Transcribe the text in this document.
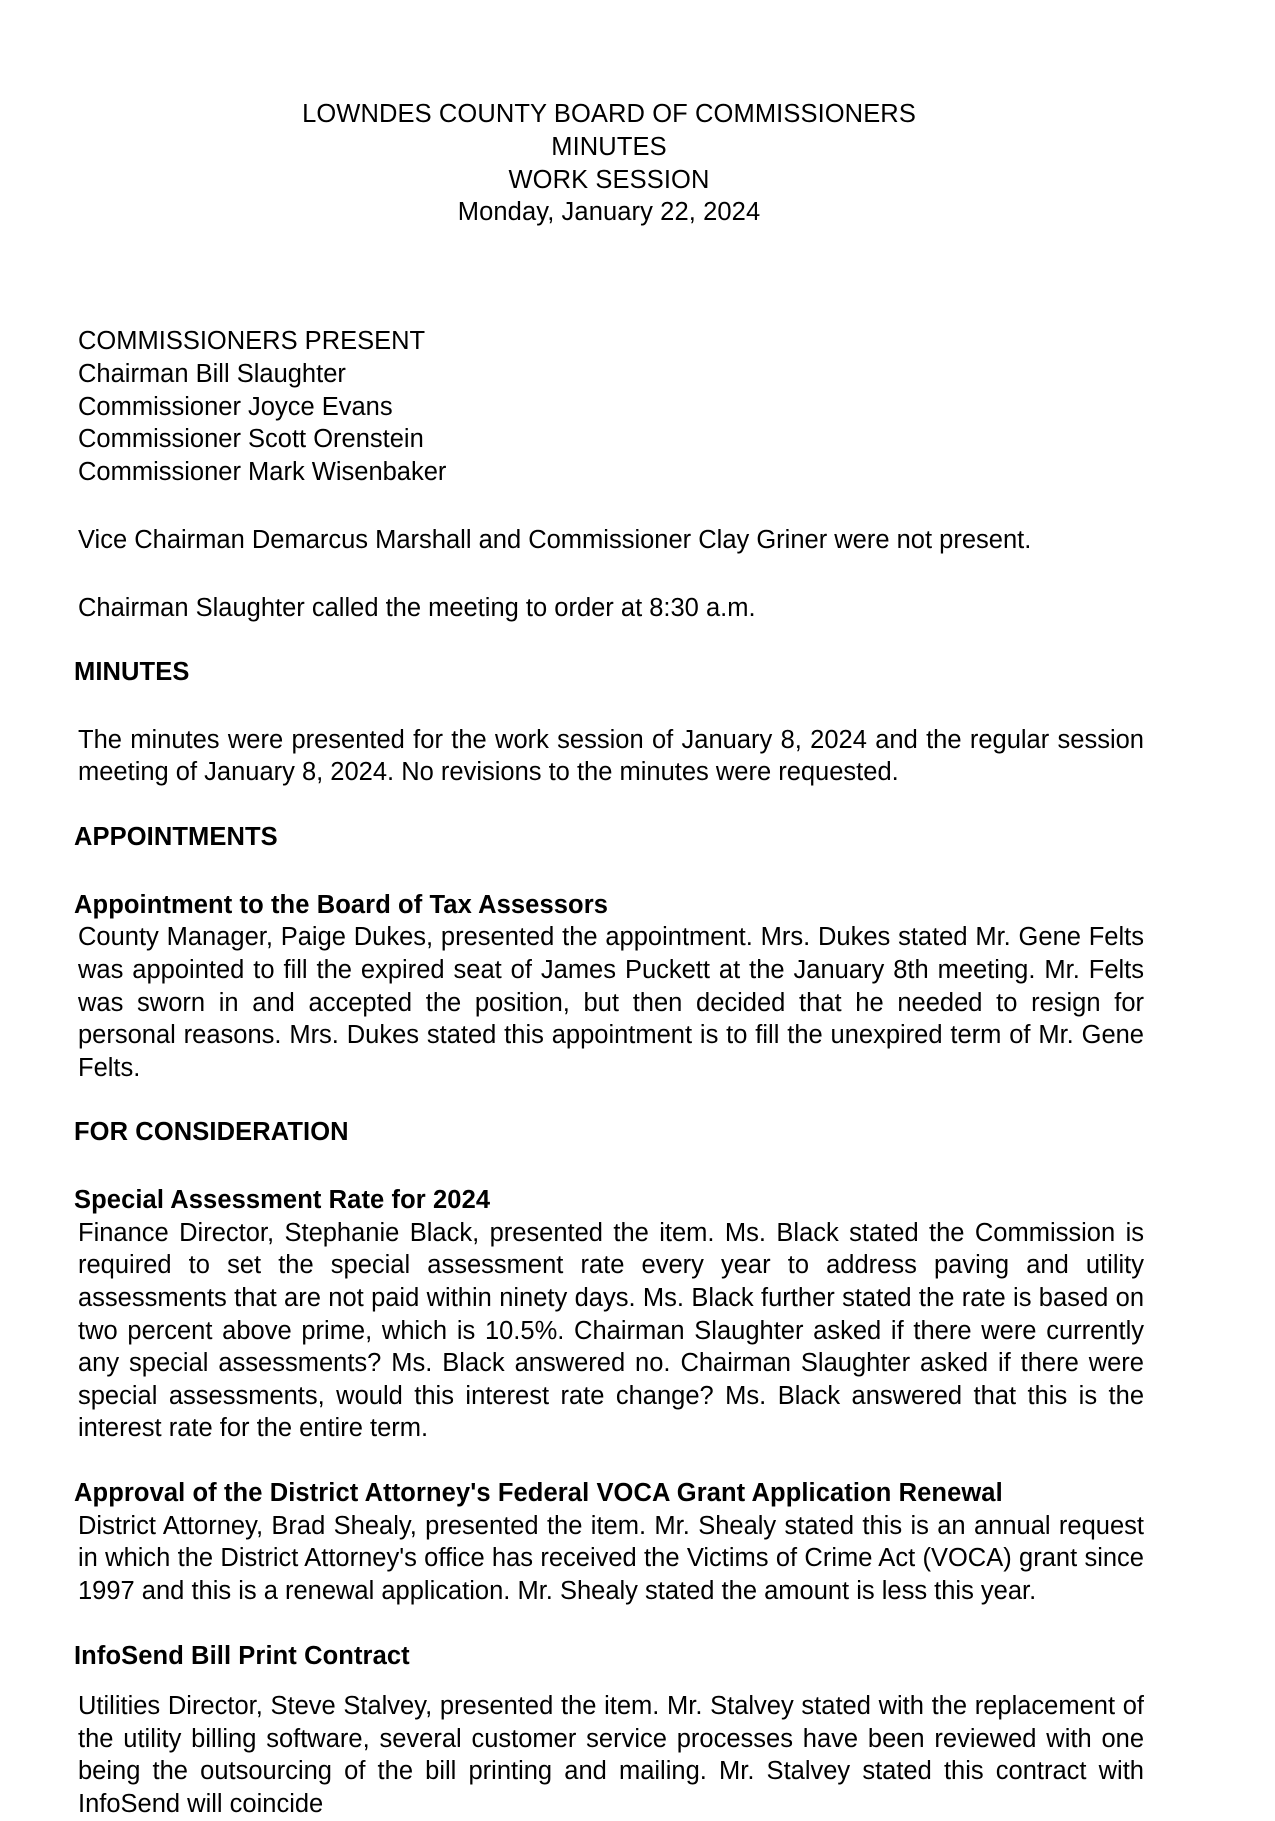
LOWNDES COUNTY BOARD OF COMMISSIONERS
MINUTES
WORK SESSION
Monday, January 22, 2024
COMMISSIONERS PRESENT
Chairman Bill Slaughter
Commissioner Joyce Evans
Commissioner Scott Orenstein
Commissioner Mark Wisenbaker

Vice Chairman Demarcus Marshall and Commissioner Clay Griner were not present.

Chairman Slaughter called the meeting to order at 8:30 a.m.

MINUTES

The minutes were presented for the work session of January 8, 2024 and the regular session meeting of January 8, 2024. No revisions to the minutes were requested.

APPOINTMENTS

Appointment to the Board of Tax Assessors

County Manager, Paige Dukes, presented the appointment. Mrs. Dukes stated Mr. Gene Felts was appointed to fill the expired seat of James Puckett at the January 8th meeting. Mr. Felts was sworn in and accepted the position, but then decided that he needed to resign for personal reasons. Mrs. Dukes stated this appointment is to fill the unexpired term of Mr. Gene Felts.

FOR CONSIDERATION

Special Assessment Rate for 2024

Finance Director, Stephanie Black, presented the item. Ms. Black stated the Commission is required to set the special assessment rate every year to address paving and utility assessments that are not paid within ninety days. Ms. Black further stated the rate is based on two percent above prime, which is 10.5%. Chairman Slaughter asked if there were currently any special assessments? Ms. Black answered no. Chairman Slaughter asked if there were special assessments, would this interest rate change? Ms. Black answered that this is the interest rate for the entire term.

Approval of the District Attorney's Federal VOCA Grant Application Renewal

District Attorney, Brad Shealy, presented the item. Mr. Shealy stated this is an annual request in which the District Attorney's office has received the Victims of Crime Act (VOCA) grant since 1997 and this is a renewal application. Mr. Shealy stated the amount is less this year.

InfoSend Bill Print Contract

Utilities Director, Steve Stalvey, presented the item. Mr. Stalvey stated with the replacement of the utility billing software, several customer service processes have been reviewed with one being the outsourcing of the bill printing and mailing. Mr. Stalvey stated this contract with InfoSend will coincide
